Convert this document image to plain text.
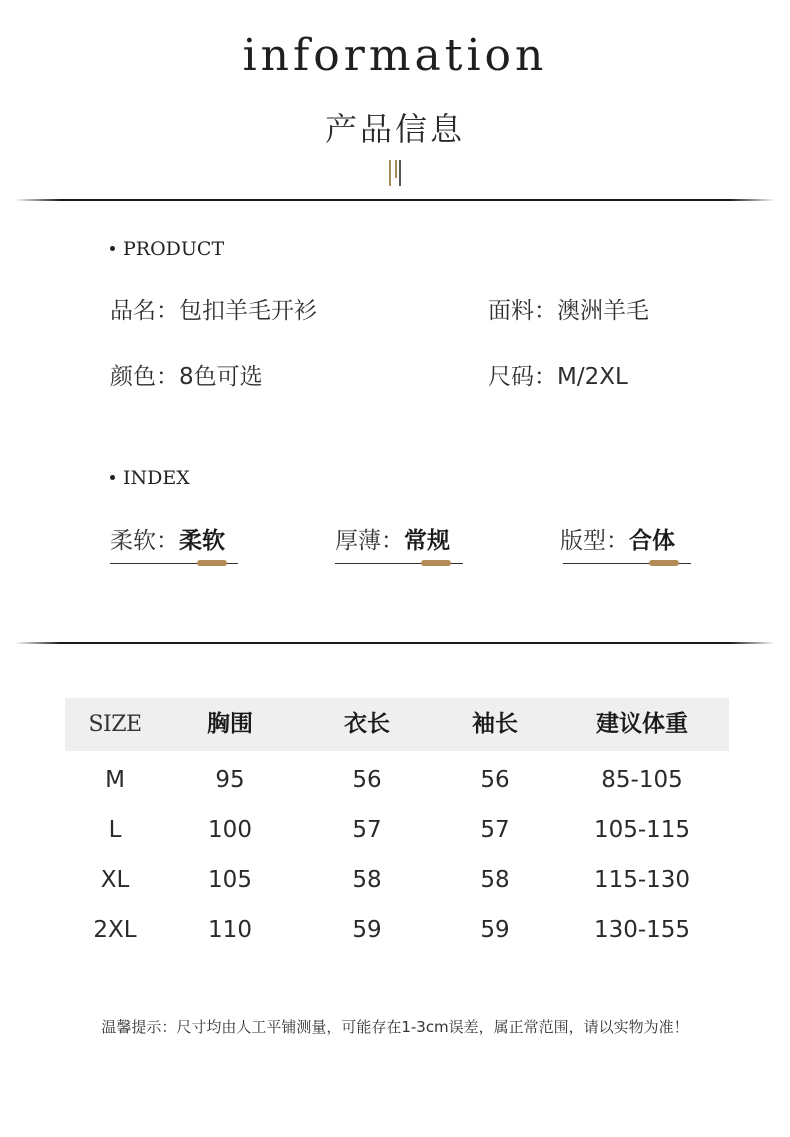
information
产品信息
PRODUCT
品名：包扣羊毛开衫	面料：澳洲羊毛
颜色：8色可选	尺码：M/2XL
INDEX
柔软：柔软	厚薄：常规	版型：合体
SIZE	胸围	衣长	袖长	建议体重
M	95	56	56	85-105
L	100	57	57	105-115
XL	105	58	58	115-130
2XL	110	59	59	130-155
温馨提示：尺寸均由人工平铺测量，可能存在1-3cm误差，属正常范围，请以实物为准！
